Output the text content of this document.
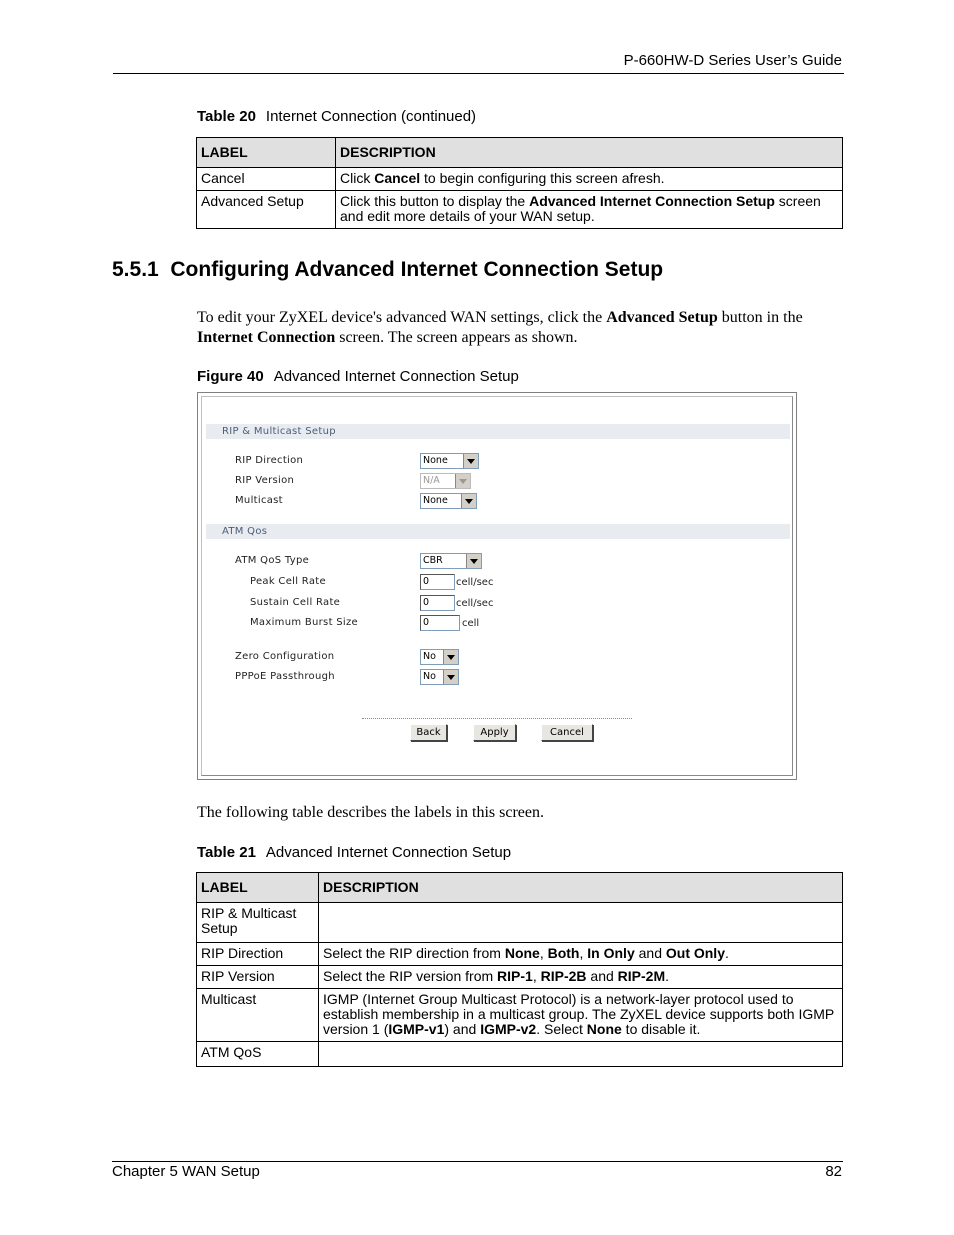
P-660HW-D Series User’s Guide
Table 20 Internet Connection (continued)
LABEL	DESCRIPTION
Cancel	Click Cancel to begin configuring this screen afresh.
Advanced Setup	Click this button to display the Advanced Internet Connection Setup screen and edit more details of your WAN setup.
5.5.1  Configuring Advanced Internet Connection Setup
To edit your ZyXEL device's advanced WAN settings, click the Advanced Setup button in the Internet Connection screen. The screen appears as shown.
Figure 40 Advanced Internet Connection Setup
RIP & Multicast Setup
RIP Direction	None
RIP Version	N/A
Multicast	None
ATM Qos
ATM QoS Type	CBR
Peak Cell Rate	0	cell/sec
Sustain Cell Rate	0	cell/sec
Maximum Burst Size	0	cell
Zero Configuration	No
PPPoE Passthrough	No
Back	Apply	Cancel
The following table describes the labels in this screen.
Table 21 Advanced Internet Connection Setup
LABEL	DESCRIPTION
RIP & Multicast Setup	
RIP Direction	Select the RIP direction from None, Both, In Only and Out Only.
RIP Version	Select the RIP version from RIP-1, RIP-2B and RIP-2M.
Multicast	IGMP (Internet Group Multicast Protocol) is a network-layer protocol used to establish membership in a multicast group. The ZyXEL device supports both IGMP version 1 (IGMP-v1) and IGMP-v2. Select None to disable it.
ATM QoS	
Chapter 5 WAN Setup	82
